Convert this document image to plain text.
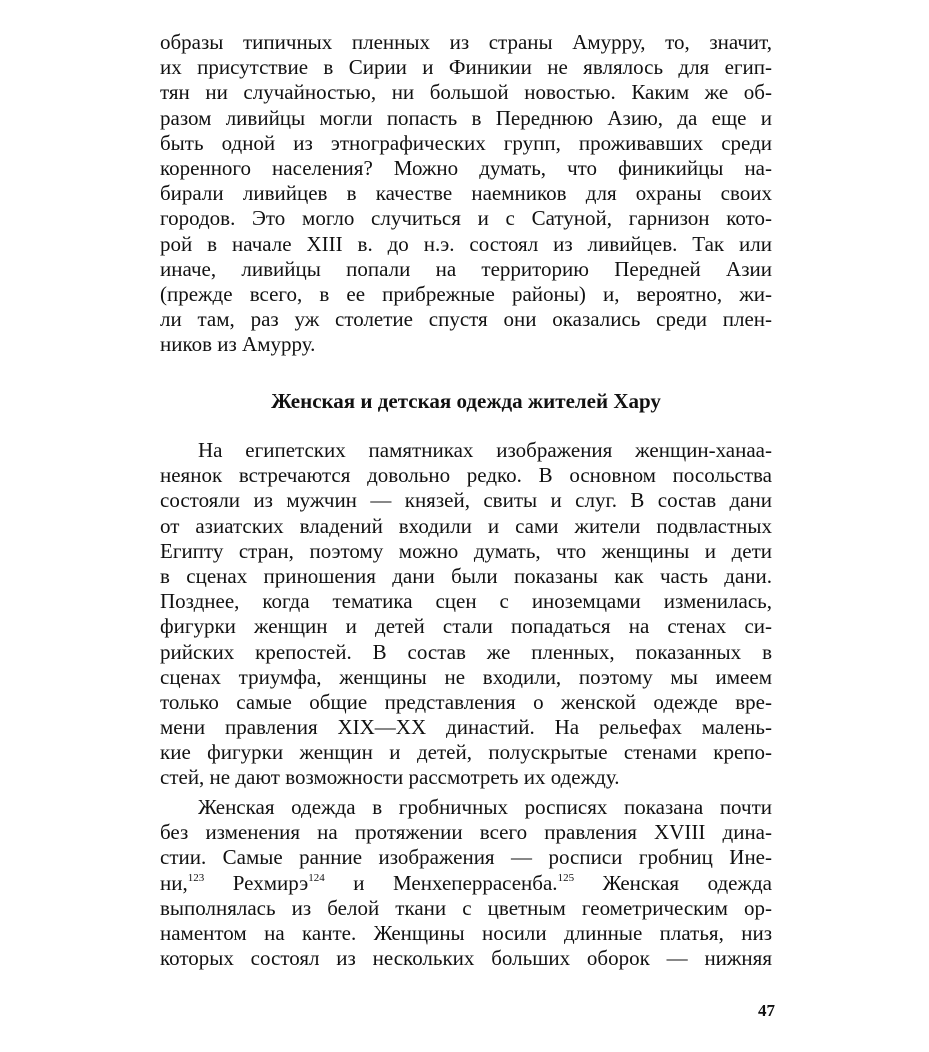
образы типичных пленных из страны Амурру, то, значит,
их присутствие в Сирии и Финикии не являлось для егип-
тян ни случайностью, ни большой новостью. Каким же об-
разом ливийцы могли попасть в Переднюю Азию, да еще и
быть одной из этнографических групп, проживавших среди
коренного населения? Можно думать, что финикийцы на-
бирали ливийцев в качестве наемников для охраны своих
городов. Это могло случиться и с Сатуной, гарнизон кото-
рой в начале XIII в. до н.э. состоял из ливийцев. Так или
иначе, ливийцы попали на территорию Передней Азии
(прежде всего, в ее прибрежные районы) и, вероятно, жи-
ли там, раз уж столетие спустя они оказались среди плен-
ников из Амурру.

Женская и детская одежда жителей Хару

На египетских памятниках изображения женщин-ханаа-
неянок встречаются довольно редко. В основном посольства
состояли из мужчин — князей, свиты и слуг. В состав дани
от азиатских владений входили и сами жители подвластных
Египту стран, поэтому можно думать, что женщины и дети
в сценах приношения дани были показаны как часть дани.
Позднее, когда тематика сцен с иноземцами изменилась,
фигурки женщин и детей стали попадаться на стенах си-
рийских крепостей. В состав же пленных, показанных в
сценах триумфа, женщины не входили, поэтому мы имеем
только самые общие представления о женской одежде вре-
мени правления XIX—XX династий. На рельефах малень-
кие фигурки женщин и детей, полускрытые стенами крепо-
стей, не дают возможности рассмотреть их одежду.

Женская одежда в гробничных росписях показана почти
без изменения на протяжении всего правления XVIII дина-
стии. Самые ранние изображения — росписи гробниц Инe-
ни,$^{123}$ Рехмирэ$^{124}$ и Менхеперрасенба.$^{125}$ Женская одежда
выполнялась из белой ткани с цветным геометрическим ор-
наментом на канте. Женщины носили длинные платья, низ
которых состоял из нескольких больших оборок — нижняя

47
